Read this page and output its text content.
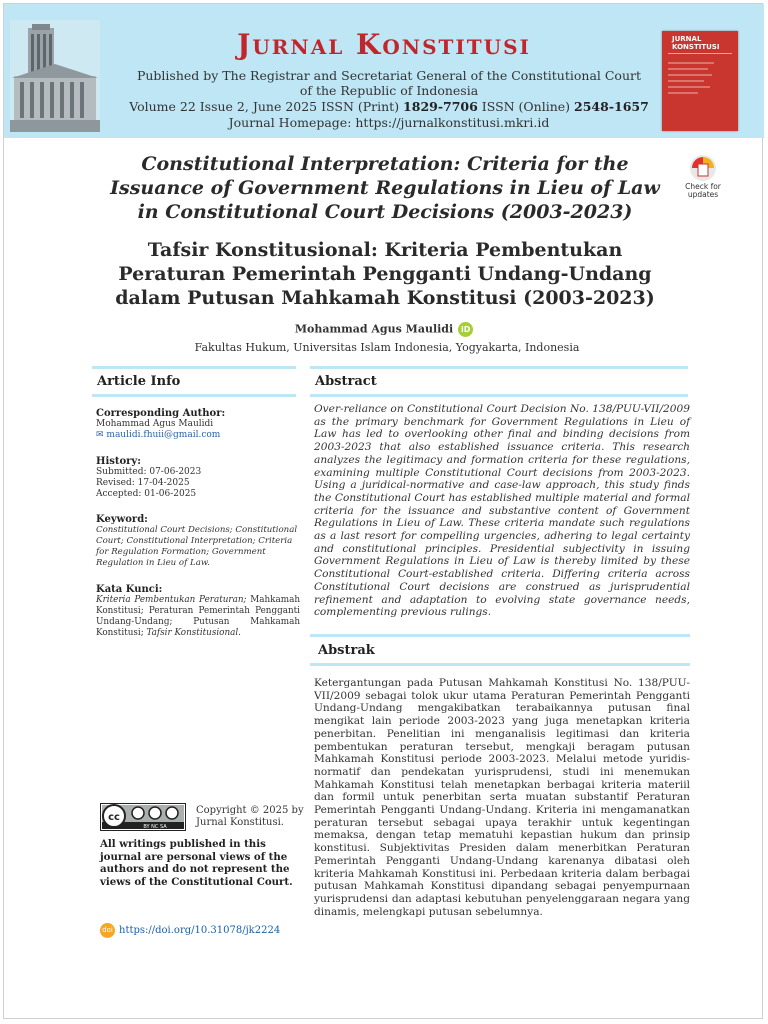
Jurnal Konstitusi
Published by The Registrar and Secretariat General of the Constitutional Court
of the Republic of Indonesia
Volume 22 Issue 2, June 2025 ISSN (Print) 1829-7706 ISSN (Online) 2548-1657
Journal Homepage: https://jurnalkonstitusi.mkri.id
JURNAL KONSTITUSI
Constitutional Interpretation: Criteria for the Issuance of Government Regulations in Lieu of Law in Constitutional Court Decisions (2003-2023)
Check for
updates
Tafsir Konstitusional: Kriteria Pembentukan Peraturan Pemerintah Pengganti Undang-Undang dalam Putusan Mahkamah Konstitusi (2003-2023)
Mohammad Agus Maulidi iD
Fakultas Hukum, Universitas Islam Indonesia, Yogyakarta, Indonesia
Article Info
Corresponding Author:
Mohammad Agus Maulidi
✉ maulidi.fhuii@gmail.com
History:
Submitted: 07-06-2023
Revised: 17-04-2025
Accepted: 01-06-2025
Keyword:
Constitutional Court Decisions; Constitutional Court; Constitutional Interpretation; Criteria for Regulation Formation; Government Regulation in Lieu of Law.
Kata Kunci:
Kriteria Pembentukan Peraturan; Mahkamah Konstitusi; Peraturan Pemerintah Pengganti Undang-Undang; Putusan Mahkamah Konstitusi; Tafsir Konstitusional.
cc
BY NC SA
Copyright © 2025 by Jurnal Konstitusi.
All writings published in this journal are personal views of the authors and do not represent the views of the Constitutional Court.
doi https://doi.org/10.31078/jk2224
Abstract
Over-reliance on Constitutional Court Decision No. 138/PUU-VII/2009 as the primary benchmark for Government Regulations in Lieu of Law has led to overlooking other final and binding decisions from 2003-2023 that also established issuance criteria. This research analyzes the legitimacy and formation criteria for these regulations, examining multiple Constitutional Court decisions from 2003-2023. Using a juridical-normative and case-law approach, this study finds the Constitutional Court has established multiple material and formal criteria for the issuance and substantive content of Government Regulations in Lieu of Law. These criteria mandate such regulations as a last resort for compelling urgencies, adhering to legal certainty and constitutional principles. Presidential subjectivity in issuing Government Regulations in Lieu of Law is thereby limited by these Constitutional Court-established criteria. Differing criteria across Constitutional Court decisions are construed as jurisprudential refinement and adaptation to evolving state governance needs, complementing previous rulings.
Abstrak
Ketergantungan pada Putusan Mahkamah Konstitusi No. 138/PUU-VII/2009 sebagai tolok ukur utama Peraturan Pemerintah Pengganti Undang-Undang mengakibatkan terabaikannya putusan final mengikat lain periode 2003-2023 yang juga menetapkan kriteria penerbitan. Penelitian ini menganalisis legitimasi dan kriteria pembentukan peraturan tersebut, mengkaji beragam putusan Mahkamah Konstitusi periode 2003-2023. Melalui metode yuridis-normatif dan pendekatan yurisprudensi, studi ini menemukan Mahkamah Konstitusi telah menetapkan berbagai kriteria materiil dan formil untuk penerbitan serta muatan substantif Peraturan Pemerintah Pengganti Undang-Undang. Kriteria ini mengamanatkan peraturan tersebut sebagai upaya terakhir untuk kegentingan memaksa, dengan tetap mematuhi kepastian hukum dan prinsip konstitusi. Subjektivitas Presiden dalam menerbitkan Peraturan Pemerintah Pengganti Undang-Undang karenanya dibatasi oleh kriteria Mahkamah Konstitusi ini. Perbedaan kriteria dalam berbagai putusan Mahkamah Konstitusi dipandang sebagai penyempurnaan yurisprudensi dan adaptasi kebutuhan penyelenggaraan negara yang dinamis, melengkapi putusan sebelumnya.
